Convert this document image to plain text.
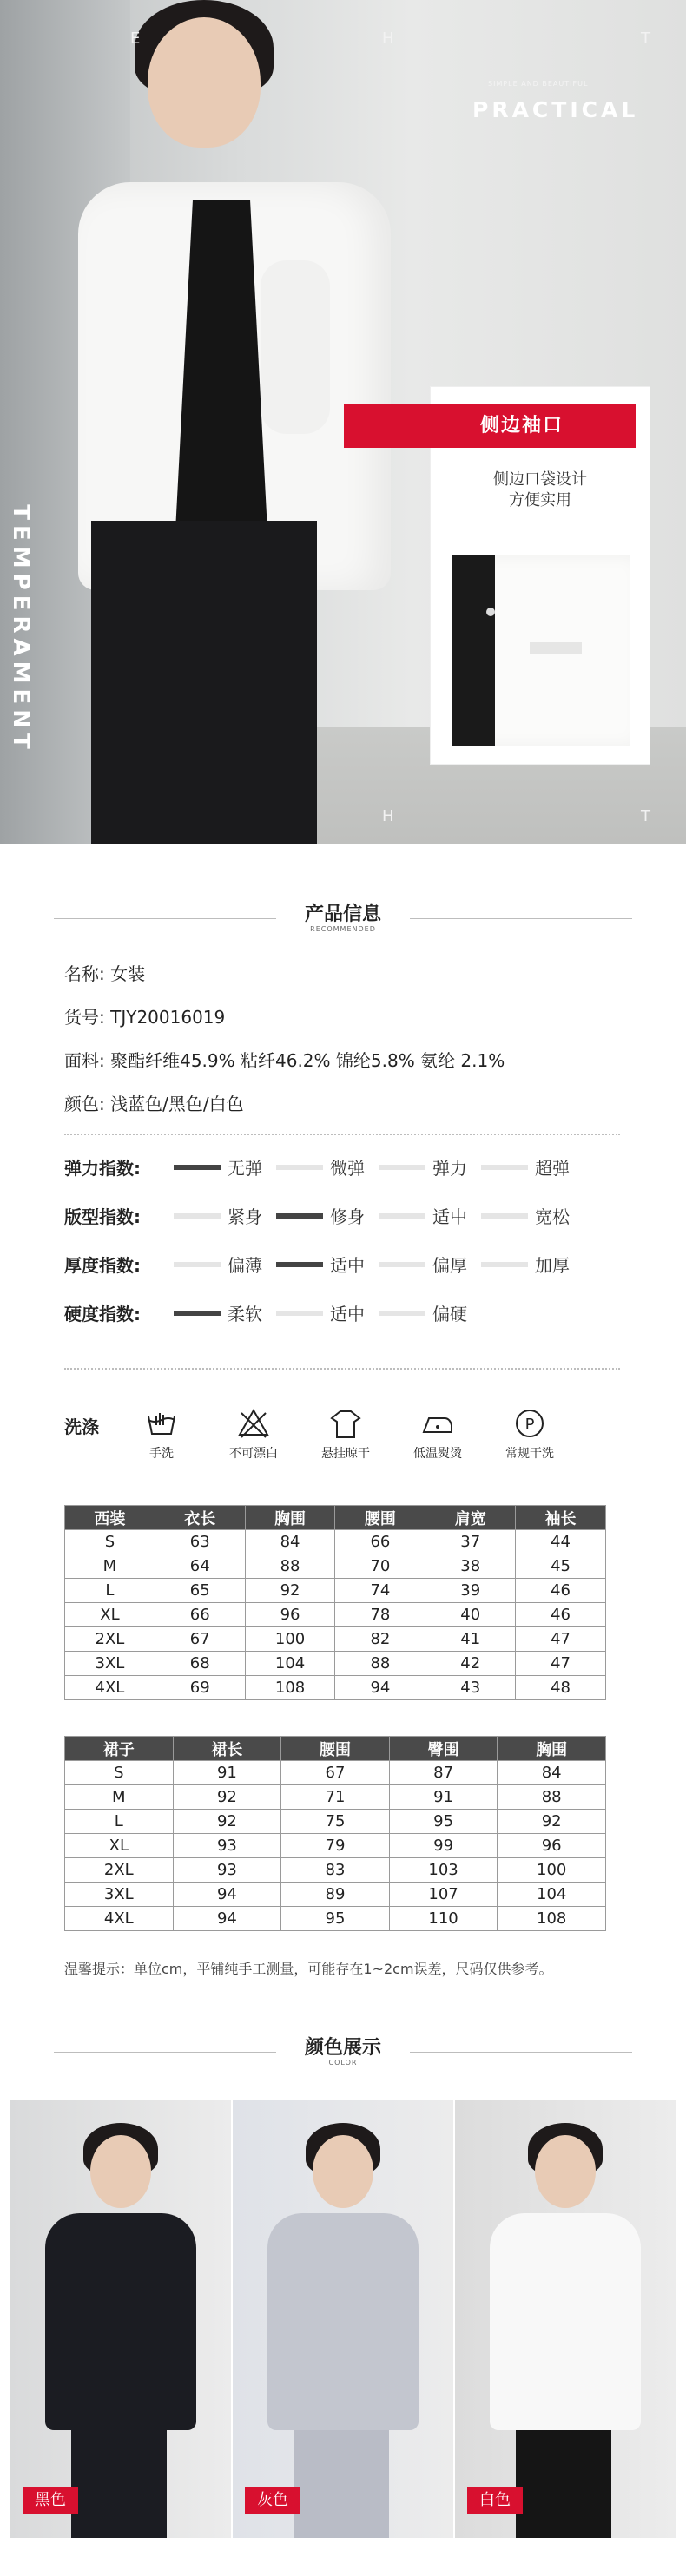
E	H	T
H	T
SIMPLE AND BEAUTIFUL
PRACTICAL
TEMPERAMENT
侧边袖口
侧边口袋设计
方便实用
产品信息
RECOMMENDED
名称: 女装
货号: TJY20016019
面料: 聚酯纤维45.9% 粘纤46.2% 锦纶5.8% 氨纶 2.1%
颜色: 浅蓝色/黑色/白色
弹力指数:	无弹	微弹	弹力	超弹
版型指数:	紧身	修身	适中	宽松
厚度指数:	偏薄	适中	偏厚	加厚
硬度指数:	柔软	适中	偏硬
洗涤
手洗	不可漂白	悬挂晾干	低温熨烫
P
常规干洗
西装	衣长	胸围	腰围	肩宽	袖长
S	63	84	66	37	44
M	64	88	70	38	45
L	65	92	74	39	46
XL	66	96	78	40	46
2XL	67	100	82	41	47
3XL	68	104	88	42	47
4XL	69	108	94	43	48
裙子	裙长	腰围	臀围	胸围
S	91	67	87	84
M	92	71	91	88
L	92	75	95	92
XL	93	79	99	96
2XL	93	83	103	100
3XL	94	89	107	104
4XL	94	95	110	108
温馨提示：单位cm，平铺纯手工测量，可能存在1~2cm误差，尺码仅供参考。
颜色展示
COLOR
黑色	灰色	白色
